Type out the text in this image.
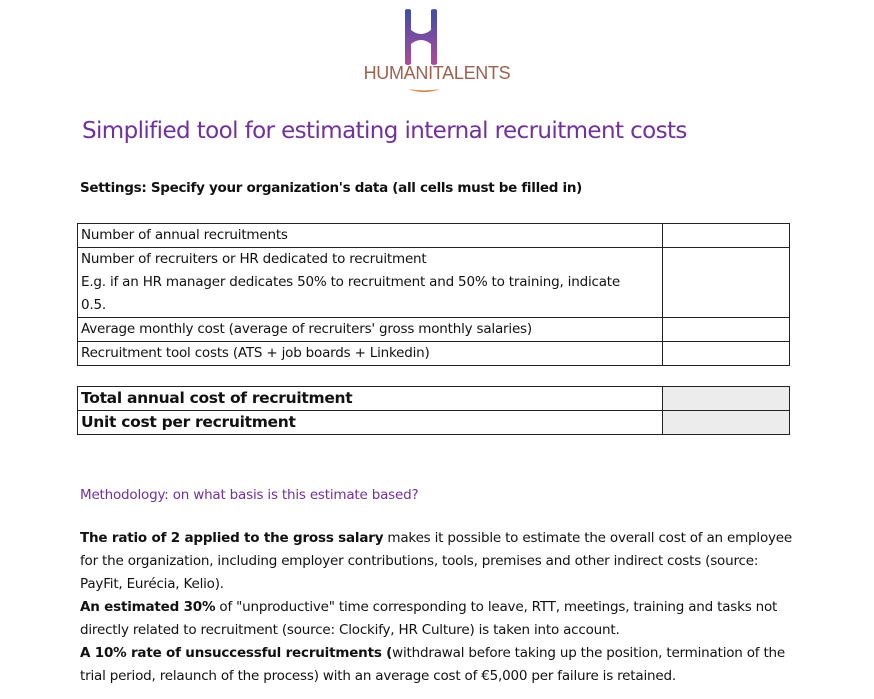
HUMANITALENTS
Simplified tool for estimating internal recruitment costs
Settings: Specify your organization's data (all cells must be filled in)
Number of annual recruitments	

Number of recruiters or HR dedicated to recruitment
E.g. if an HR manager dedicates 50% to recruitment and 50% to training, indicate
0.5.	

Average monthly cost (average of recruiters' gross monthly salaries)	

Recruitment tool costs (ATS + job boards + Linkedin)	

Total annual cost of recruitment	
Unit cost per recruitment	
Methodology: on what basis is this estimate based?

The ratio of 2 applied to the gross salary makes it possible to estimate the overall cost of an employee for the organization, including employer contributions, tools, premises and other indirect costs (source: PayFit, Eurécia, Kelio).

An estimated 30% of "unproductive" time corresponding to leave, RTT, meetings, training and tasks not directly related to recruitment (source: Clockify, HR Culture) is taken into account.

A 10% rate of unsuccessful recruitments (withdrawal before taking up the position, termination of the trial period, relaunch of the process) with an average cost of €5,000 per failure is retained.
